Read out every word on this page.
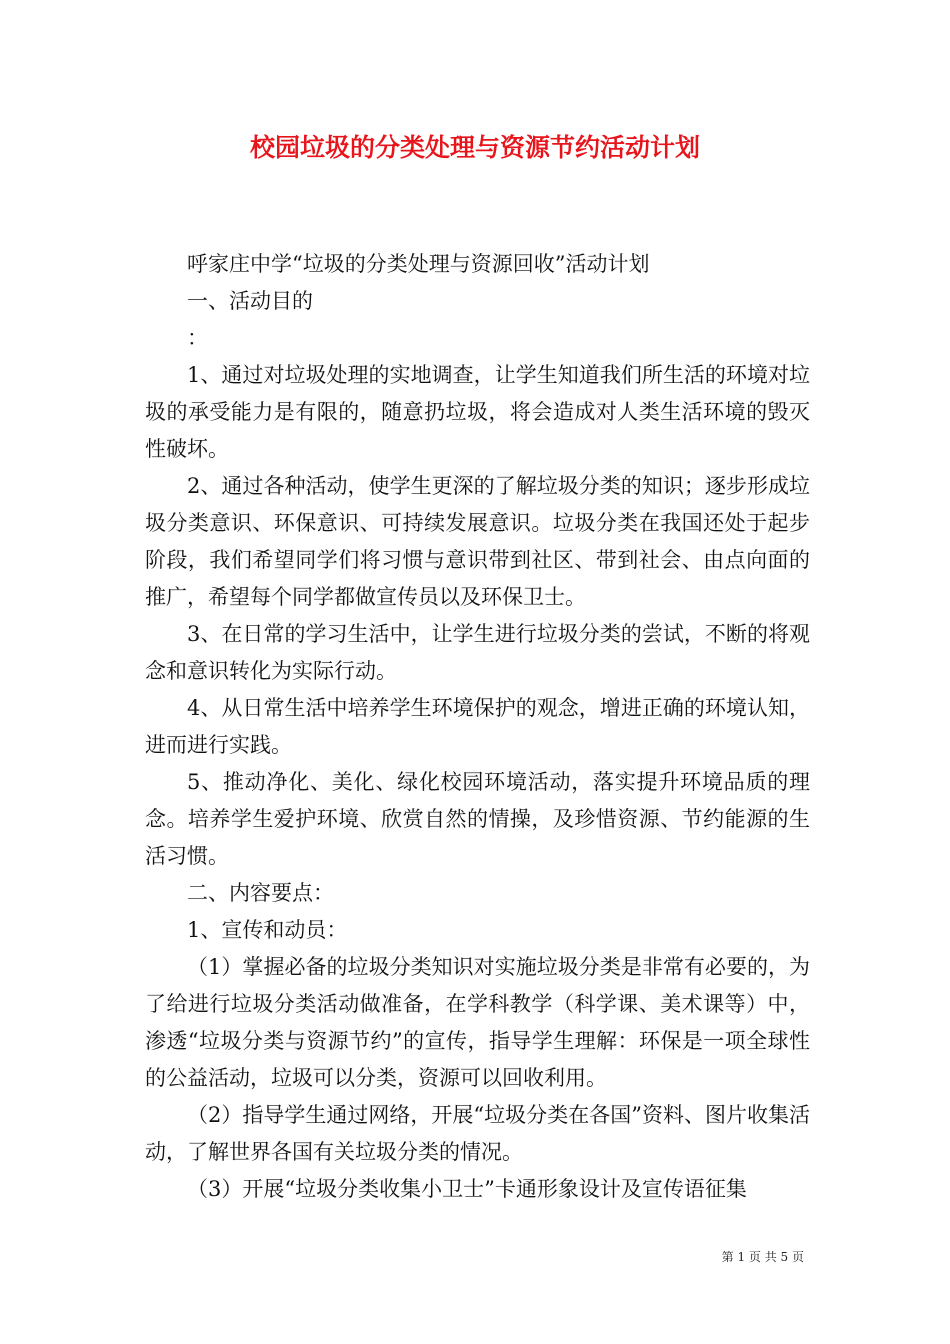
校园垃圾的分类处理与资源节约活动计划

呼家庄中学“垃圾的分类处理与资源回收”活动计划

一、活动目的

：

1、通过对垃圾处理的实地调查，让学生知道我们所生活的环境对垃圾的承受能力是有限的，随意扔垃圾，将会造成对人类生活环境的毁灭性破坏。

2、通过各种活动，使学生更深的了解垃圾分类的知识；逐步形成垃圾分类意识、环保意识、可持续发展意识。垃圾分类在我国还处于起步阶段，我们希望同学们将习惯与意识带到社区、带到社会、由点向面的推广，希望每个同学都做宣传员以及环保卫士。

3、在日常的学习生活中，让学生进行垃圾分类的尝试，不断的将观念和意识转化为实际行动。

4、从日常生活中培养学生环境保护的观念，增进正确的环境认知，进而进行实践。

5、推动净化、美化、绿化校园环境活动，落实提升环境品质的理念。培养学生爱护环境、欣赏自然的情操，及珍惜资源、节约能源的生活习惯。

二、内容要点：

1、宣传和动员：

（1）掌握必备的垃圾分类知识对实施垃圾分类是非常有必要的，为了给进行垃圾分类活动做准备，在学科教学（科学课、美术课等）中，渗透“垃圾分类与资源节约”的宣传，指导学生理解：环保是一项全球性的公益活动，垃圾可以分类，资源可以回收利用。

（2）指导学生通过网络，开展“垃圾分类在各国”资料、图片收集活动，了解世界各国有关垃圾分类的情况。

（3）开展“垃圾分类收集小卫士”卡通形象设计及宣传语征集

第 1 页 共 5 页
